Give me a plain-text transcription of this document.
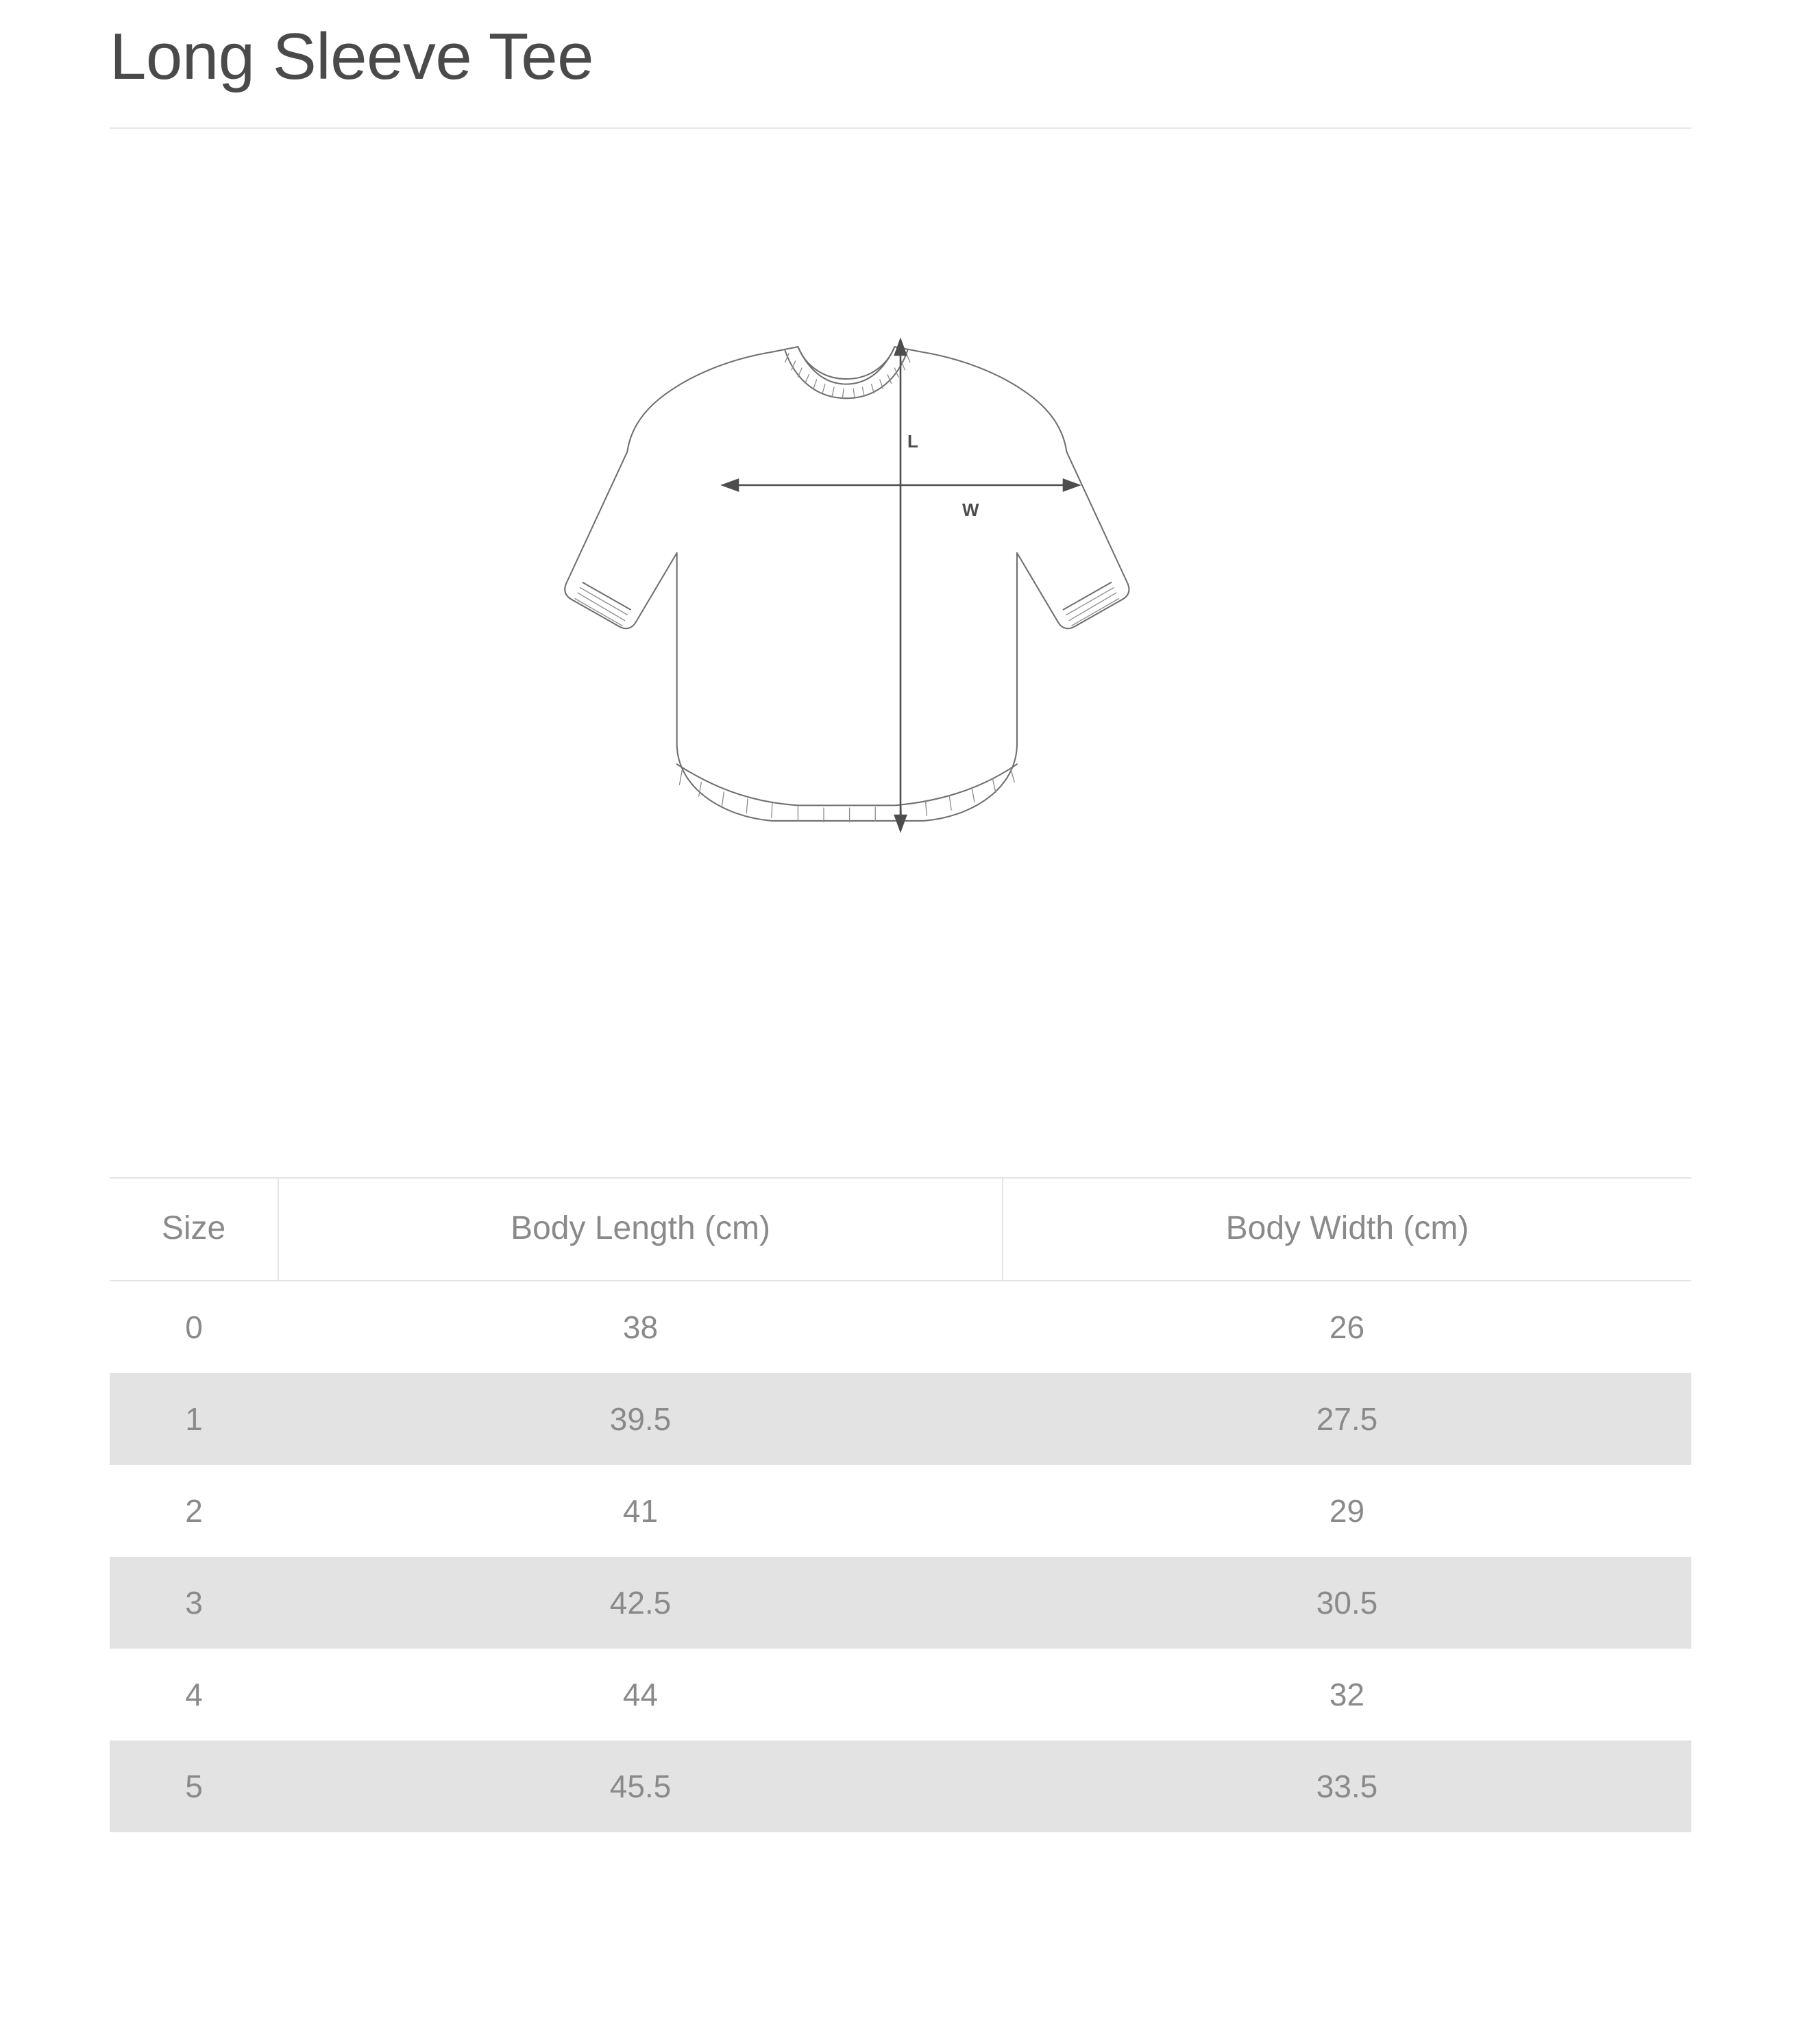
Long Sleeve Tee
L
W
Size	Body Length (cm)	Body Width (cm)
0	38	26
1	39.5	27.5
2	41	29
3	42.5	30.5
4	44	32
5	45.5	33.5
